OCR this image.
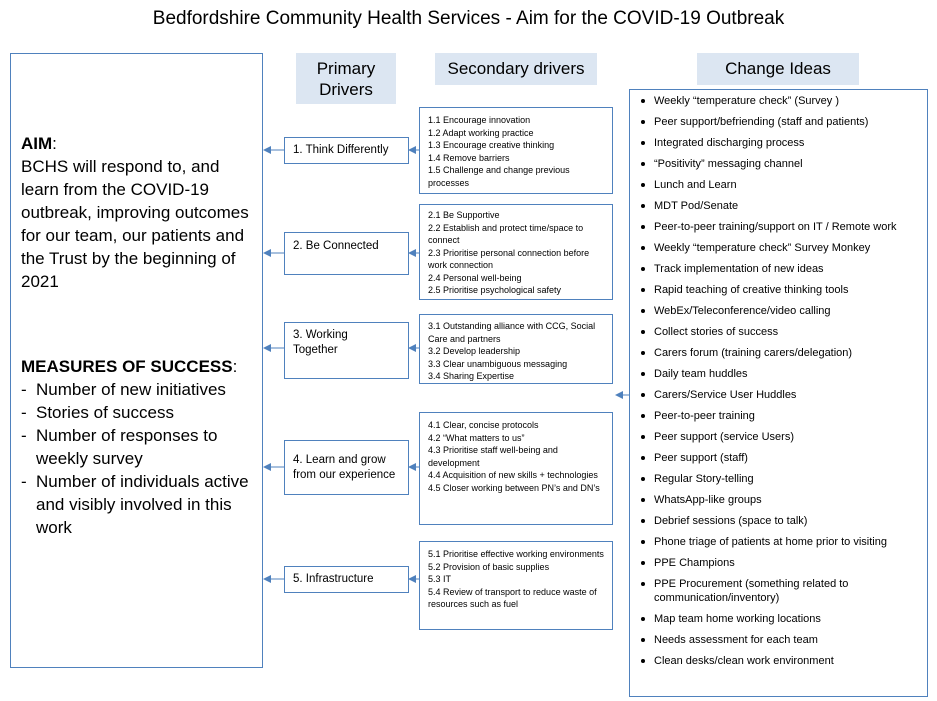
Bedfordshire Community Health Services - Aim for the COVID-19 Outbreak
Primary Drivers
Secondary drivers	Change Ideas
AIM:
BCHS will respond to, and learn from the COVID-19 outbreak, improving outcomes for our team, our patients and the Trust by the beginning of 2021
MEASURES OF SUCCESS:
- Number of new initiatives
- Stories of success
- Number of responses to weekly survey
- Number of individuals active and visibly involved in this work
1. Think Differently
2. Be Connected
3. Working Together
4. Learn and grow from our experience
5. Infrastructure
1.1 Encourage innovation
1.2 Adapt working practice
1.3 Encourage creative thinking
1.4 Remove barriers
1.5 Challenge and change previous processes
2.1 Be Supportive
2.2 Establish and protect time/space to connect
2.3 Prioritise personal connection before work connection
2.4 Personal well-being
2.5 Prioritise psychological safety
3.1 Outstanding alliance with CCG, Social Care and partners
3.2 Develop leadership
3.3 Clear unambiguous messaging
3.4 Sharing Expertise
4.1 Clear, concise protocols
4.2 “What matters to us”
4.3 Prioritise staff well-being and development
4.4 Acquisition of new skills + technologies
4.5 Closer working between PN’s and DN’s
5.1 Prioritise effective working environments
5.2 Provision of basic supplies
5.3 IT
5.4 Review of transport to reduce waste of resources such as fuel
Weekly “temperature check” (Survey )
Peer support/befriending (staff and patients)
Integrated discharging process
“Positivity” messaging channel
Lunch and Learn
MDT Pod/Senate
Peer-to-peer training/support on IT / Remote work
Weekly “temperature check” Survey Monkey
Track implementation of new ideas
Rapid teaching of creative thinking tools
WebEx/Teleconference/video calling
Collect stories of success
Carers forum (training carers/delegation)
Daily team huddles
Carers/Service User Huddles
Peer-to-peer training
Peer support (service Users)
Peer support (staff)
Regular Story-telling
WhatsApp-like groups
Debrief sessions (space to talk)
Phone triage of patients at home prior to visiting
PPE Champions
PPE Procurement (something related to communication/inventory)
Map team home working locations
Needs assessment for each team
Clean desks/clean work environment
